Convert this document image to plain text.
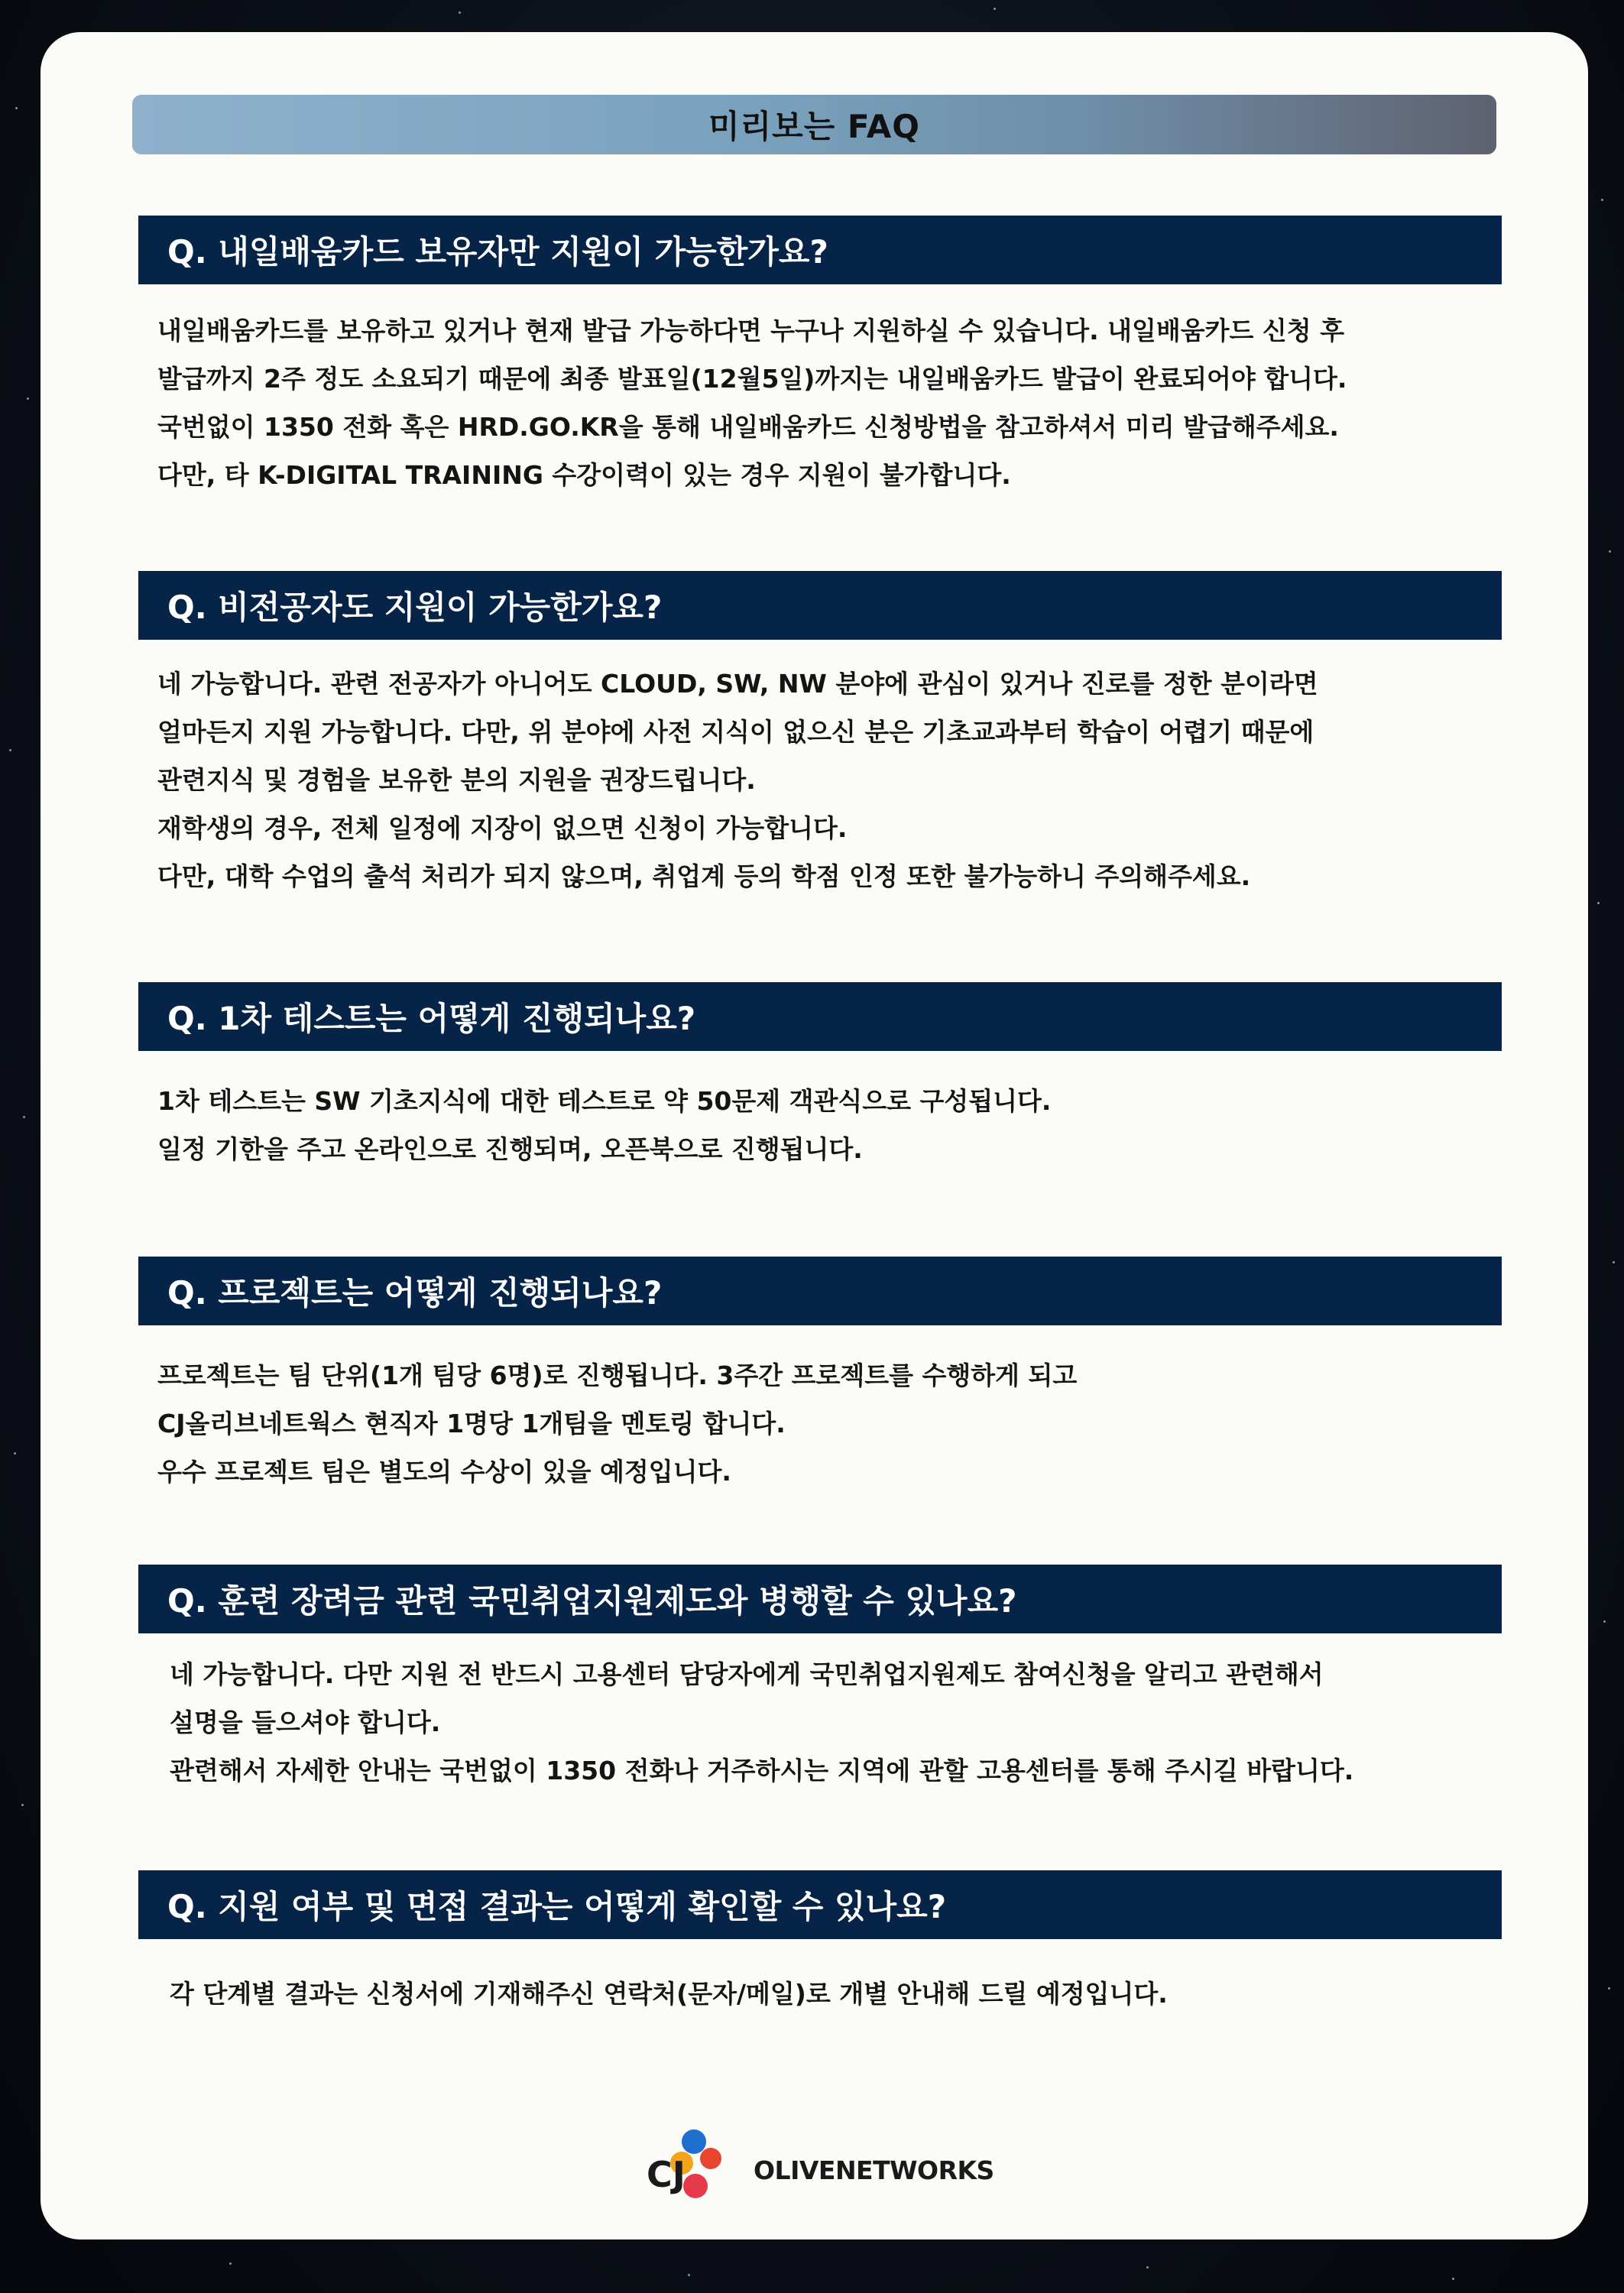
미리보는 FAQ
Q. 내일배움카드 보유자만 지원이 가능한가요?
내일배움카드를 보유하고 있거나 현재 발급 가능하다면 누구나 지원하실 수 있습니다. 내일배움카드 신청 후
발급까지 2주 정도 소요되기 때문에 최종 발표일(12월5일)까지는 내일배움카드 발급이 완료되어야 합니다.
국번없이 1350 전화 혹은 HRD.GO.KR을 통해 내일배움카드 신청방법을 참고하셔서 미리 발급해주세요.
다만, 타 K-DIGITAL TRAINING 수강이력이 있는 경우 지원이 불가합니다.
Q. 비전공자도 지원이 가능한가요?
네 가능합니다. 관련 전공자가 아니어도 CLOUD, SW, NW 분야에 관심이 있거나 진로를 정한 분이라면
얼마든지 지원 가능합니다. 다만, 위 분야에 사전 지식이 없으신 분은 기초교과부터 학습이 어렵기 때문에
관련지식 및 경험을 보유한 분의 지원을 권장드립니다.
재학생의 경우, 전체 일정에 지장이 없으면 신청이 가능합니다.
다만, 대학 수업의 출석 처리가 되지 않으며, 취업계 등의 학점 인정 또한 불가능하니 주의해주세요.
Q. 1차 테스트는 어떻게 진행되나요?
1차 테스트는 SW 기초지식에 대한 테스트로 약 50문제 객관식으로 구성됩니다.
일정 기한을 주고 온라인으로 진행되며, 오픈북으로 진행됩니다.
Q. 프로젝트는 어떻게 진행되나요?
프로젝트는 팀 단위(1개 팀당 6명)로 진행됩니다. 3주간 프로젝트를 수행하게 되고
CJ올리브네트웍스 현직자 1명당 1개팀을 멘토링 합니다.
우수 프로젝트 팀은 별도의 수상이 있을 예정입니다.
Q. 훈련 장려금 관련 국민취업지원제도와 병행할 수 있나요?
네 가능합니다. 다만 지원 전 반드시 고용센터 담당자에게 국민취업지원제도 참여신청을 알리고 관련해서
설명을 들으셔야 합니다.
관련해서 자세한 안내는 국번없이 1350 전화나 거주하시는 지역에 관할 고용센터를 통해 주시길 바랍니다.
Q. 지원 여부 및 면접 결과는 어떻게 확인할 수 있나요?
각 단계별 결과는 신청서에 기재해주신 연락처(문자/메일)로 개별 안내해 드릴 예정입니다.
CJ	OLIVENETWORKS
